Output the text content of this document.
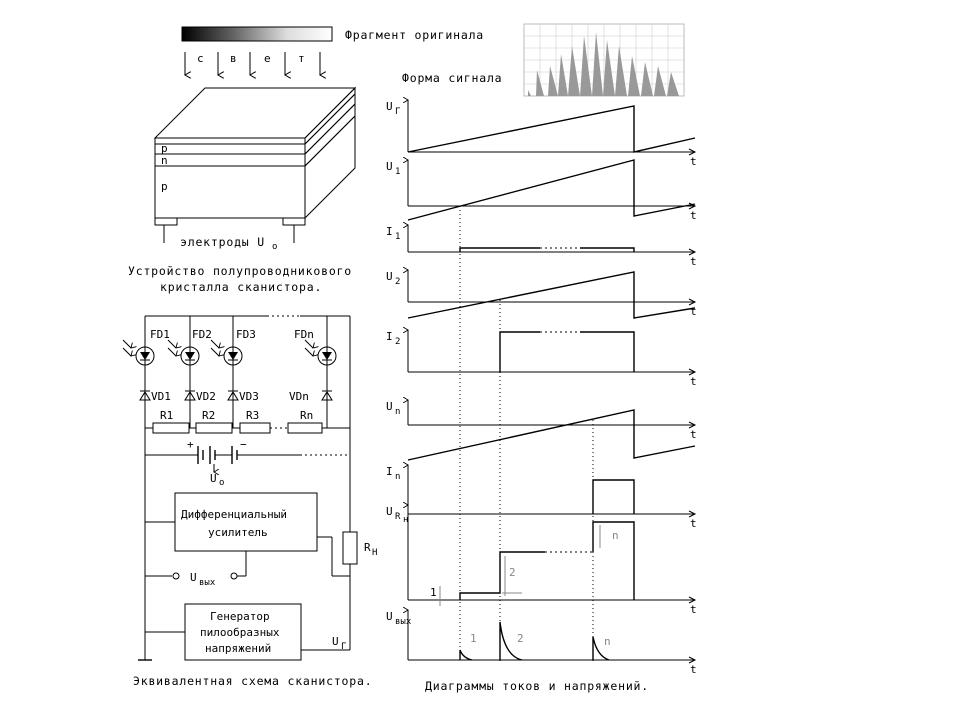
с в е т
Фрагмент оригинала
Форма сигнала
p
n
p
электроды U o
Устройство полупроводникового
кристалла сканистора.
FD1
VD1
FD2
VD2
FD3
VD3
FDn
VDn
R1	R2	R3	Rn
+	−
U o
Дифференциальный
усилитель
R Н
U вых
Генератор
пилообразных
напряжений
U Г
Эквивалентная схема сканистора.
t
U Г
t
U 1
t
I 1
t
U 2
t
I 2
t
U n
t
I n
t
U R н
1
2
n
t
U вых
1	2	n
Диаграммы токов и напряжений.
